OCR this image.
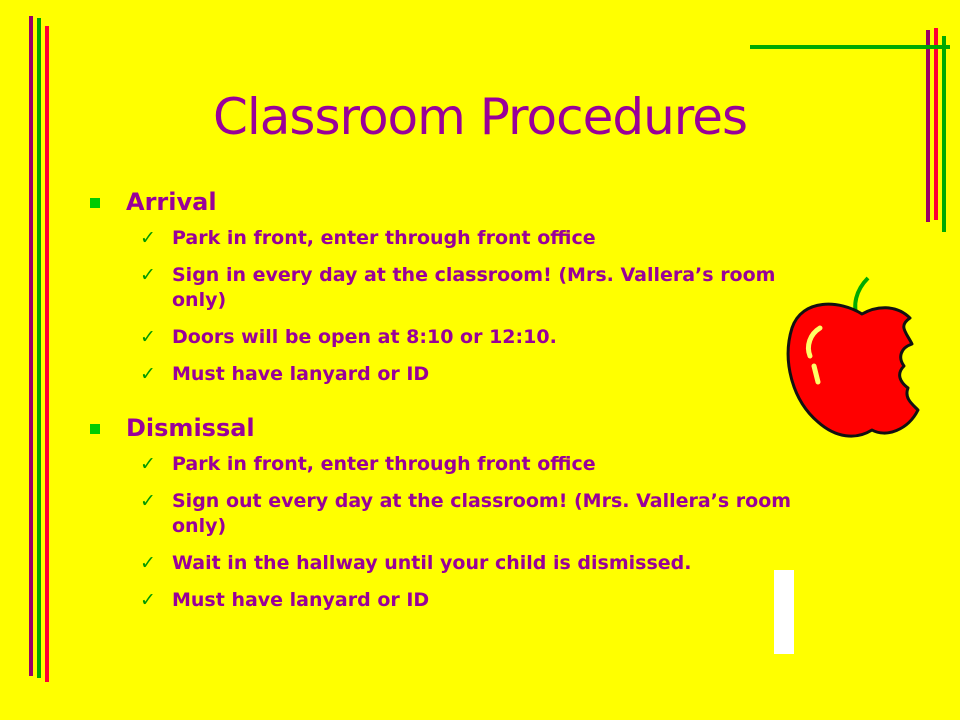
Classroom Procedures
Arrival
✓ Park in front, enter through front office
✓ Sign in every day at the classroom! (Mrs. Vallera’s room only)
✓ Doors will be open at 8:10 or 12:10.
✓ Must have lanyard or ID
Dismissal
✓ Park in front, enter through front office
✓ Sign out every day at the classroom! (Mrs. Vallera’s room only)
✓ Wait in the hallway until your child is dismissed.
✓ Must have lanyard or ID
